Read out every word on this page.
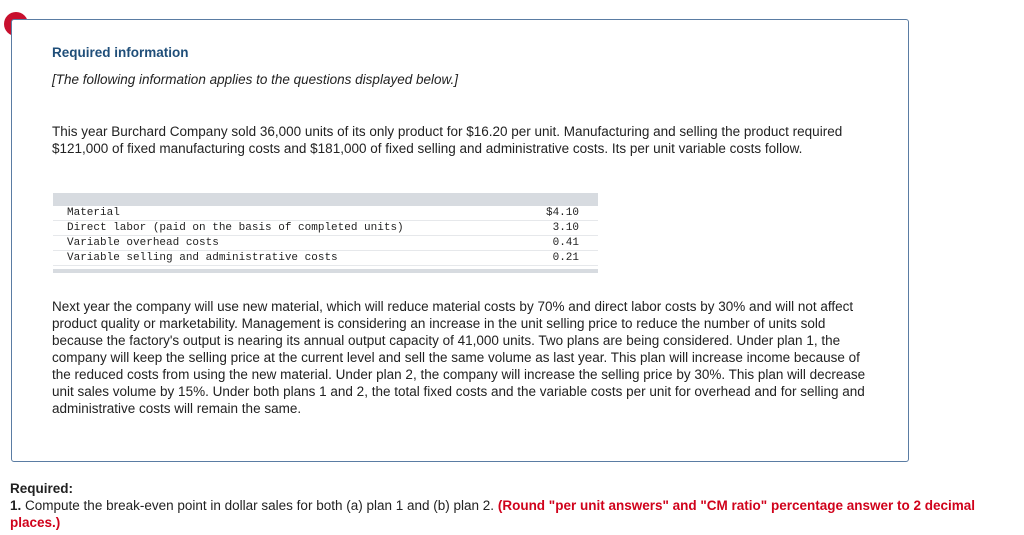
Required information
[The following information applies to the questions displayed below.]

This year Burchard Company sold 36,000 units of its only product for $16.20 per unit. Manufacturing and selling the product required $121,000 of fixed manufacturing costs and $181,000 of fixed selling and administrative costs. Its per unit variable costs follow.

Material	$4.10
Direct labor (paid on the basis of completed units)	3.10
Variable overhead costs	0.41
Variable selling and administrative costs	0.21

Next year the company will use new material, which will reduce material costs by 70% and direct labor costs by 30% and will not affect product quality or marketability. Management is considering an increase in the unit selling price to reduce the number of units sold because the factory's output is nearing its annual output capacity of 41,000 units. Two plans are being considered. Under plan 1, the company will keep the selling price at the current level and sell the same volume as last year. This plan will increase income because of the reduced costs from using the new material. Under plan 2, the company will increase the selling price by 30%. This plan will decrease unit sales volume by 15%. Under both plans 1 and 2, the total fixed costs and the variable costs per unit for overhead and for selling and administrative costs will remain the same.

Required:
1. Compute the break-even point in dollar sales for both (a) plan 1 and (b) plan 2. (Round "per unit answers" and "CM ratio" percentage answer to 2 decimal places.)
